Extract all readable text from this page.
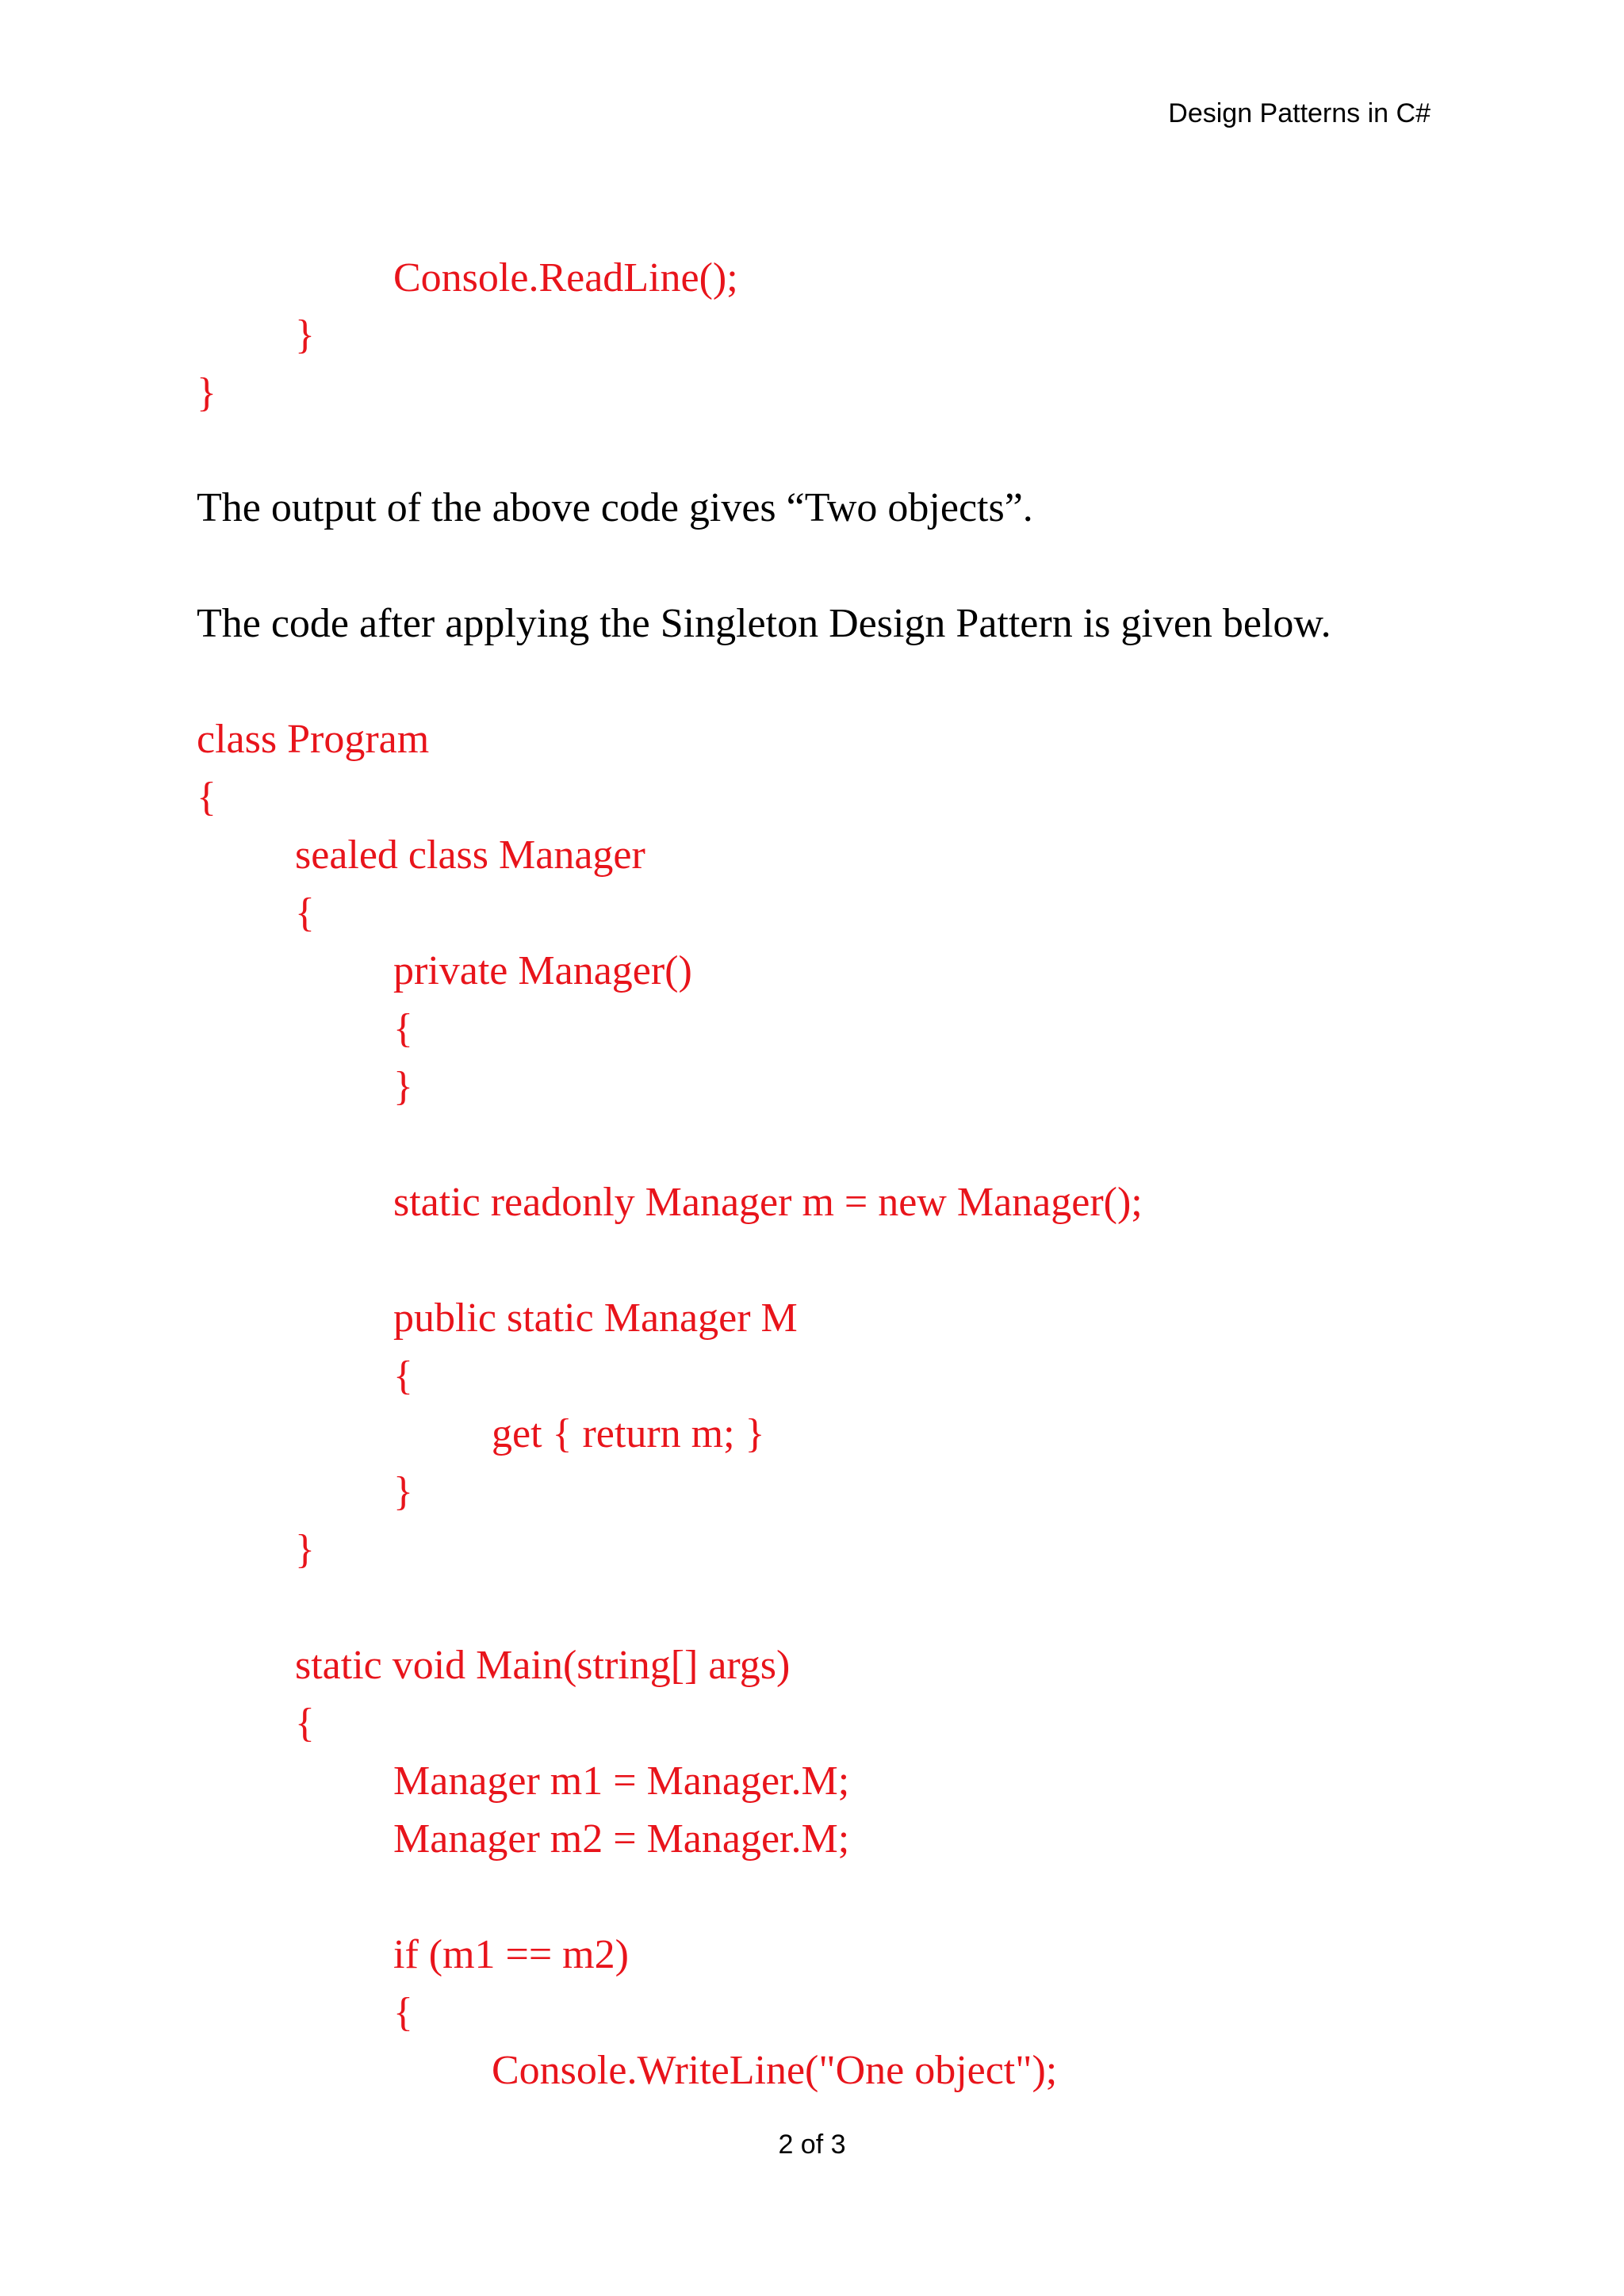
Design Patterns in C#
Console.ReadLine();
}
}
The output of the above code gives “Two objects”.
The code after applying the Singleton Design Pattern is given below.
class Program
{
sealed class Manager
{
private Manager()
{
}
static readonly Manager m = new Manager();
public static Manager M
{
get { return m; }
}
}
static void Main(string[] args)
{
Manager m1 = Manager.M;
Manager m2 = Manager.M;
if (m1 == m2)
{
Console.WriteLine("One object");
2 of 3
